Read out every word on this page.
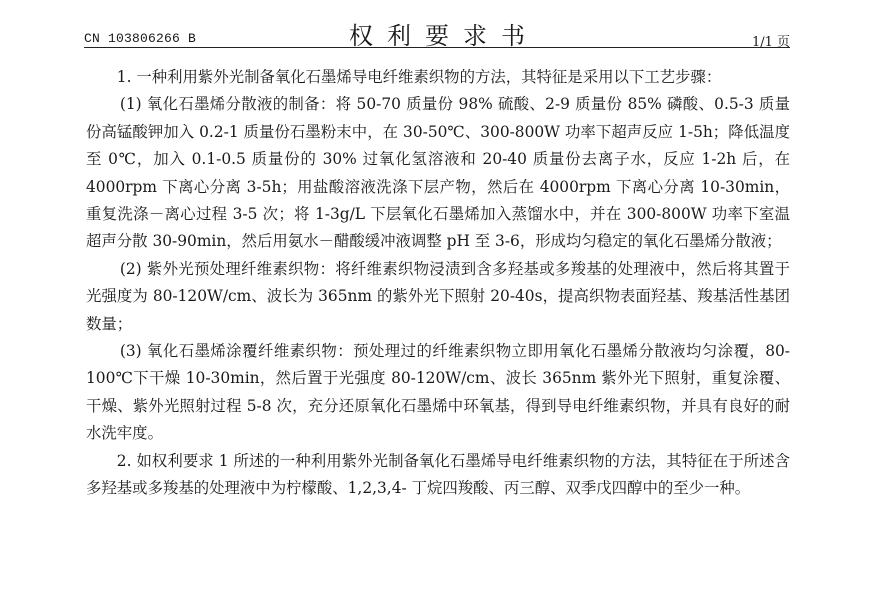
CN 103806266 B	权利要求书	1/1 页

1. 一种利用紫外光制备氧化石墨烯导电纤维素织物的方法，其特征是采用以下工艺步骤：

(1) 氧化石墨烯分散液的制备：将 50-70 质量份 98% 硫酸、2-9 质量份 85% 磷酸、0.5-3 质量份高锰酸钾加入 0.2-1 质量份石墨粉末中，在 30-50℃、300-800W 功率下超声反应 1-5h；降低温度至 0℃，加入 0.1-0.5 质量份的 30% 过氧化氢溶液和 20-40 质量份去离子水，反应 1-2h 后，在 4000rpm 下离心分离 3-5h；用盐酸溶液洗涤下层产物，然后在 4000rpm 下离心分离 10-30min，重复洗涤－离心过程 3-5 次；将 1-3g/L 下层氧化石墨烯加入蒸馏水中，并在 300-800W 功率下室温超声分散 30-90min，然后用氨水－醋酸缓冲液调整 pH 至 3-6，形成均匀稳定的氧化石墨烯分散液；

(2) 紫外光预处理纤维素织物：将纤维素织物浸渍到含多羟基或多羧基的处理液中，然后将其置于光强度为 80-120W/cm、波长为 365nm 的紫外光下照射 20-40s，提高织物表面羟基、羧基活性基团数量；

(3) 氧化石墨烯涂覆纤维素织物：预处理过的纤维素织物立即用氧化石墨烯分散液均匀涂覆，80-100℃下干燥 10-30min，然后置于光强度 80-120W/cm、波长 365nm 紫外光下照射，重复涂覆、干燥、紫外光照射过程 5-8 次，充分还原氧化石墨烯中环氧基，得到导电纤维素织物，并具有良好的耐水洗牢度。

2. 如权利要求 1 所述的一种利用紫外光制备氧化石墨烯导电纤维素织物的方法，其特征在于所述含多羟基或多羧基的处理液中为柠檬酸、1,2,3,4- 丁烷四羧酸、丙三醇、双季戊四醇中的至少一种。
